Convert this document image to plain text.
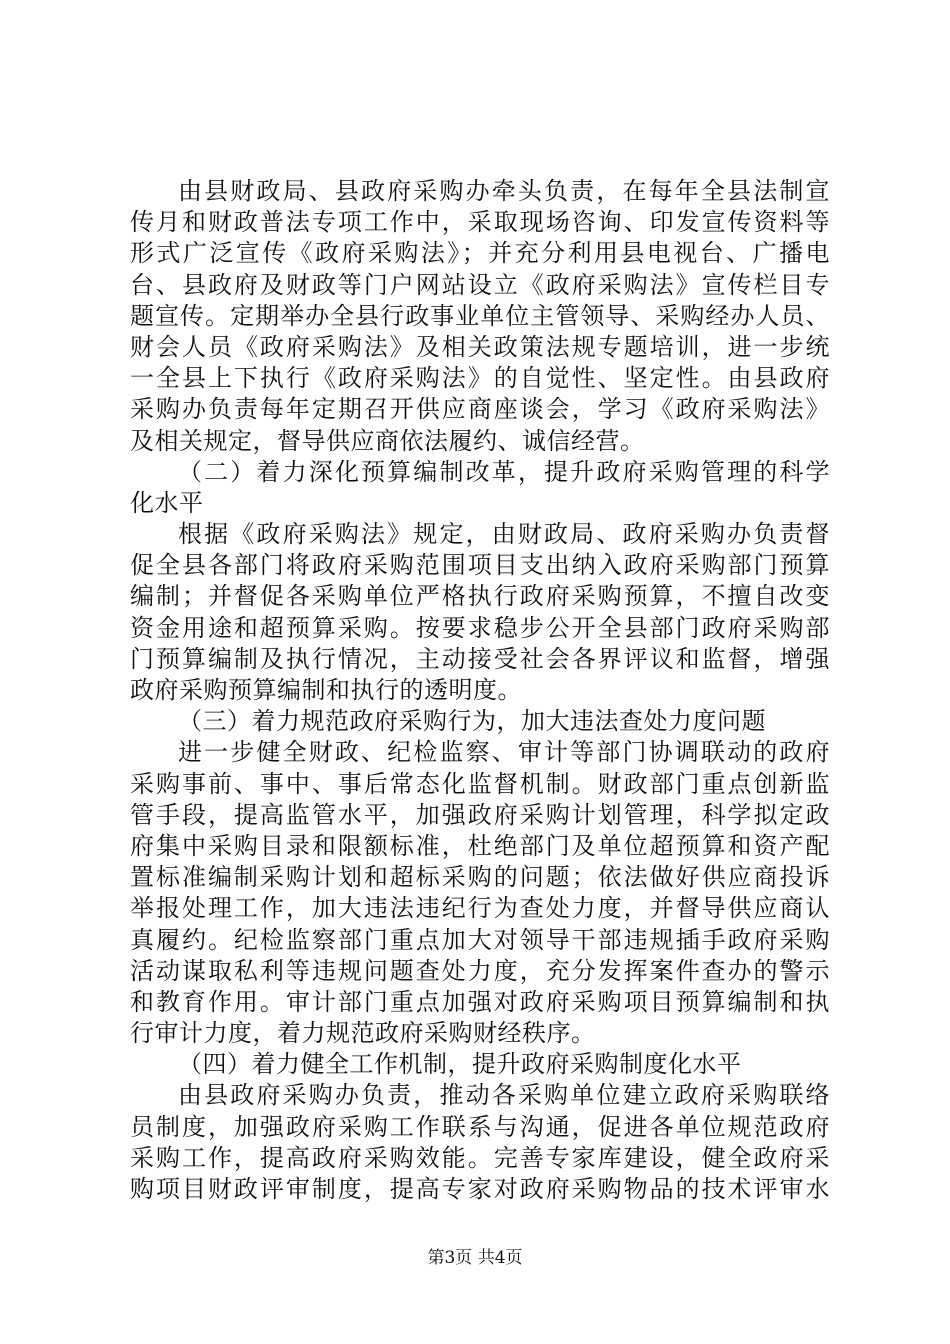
由县财政局、县政府采购办牵头负责，在每年全县法制宣
传月和财政普法专项工作中，采取现场咨询、印发宣传资料等
形式广泛宣传《政府采购法》；并充分利用县电视台、广播电
台、县政府及财政等门户网站设立《政府采购法》宣传栏目专
题宣传。定期举办全县行政事业单位主管领导、采购经办人员、
财会人员《政府采购法》及相关政策法规专题培训，进一步统
一全县上下执行《政府采购法》的自觉性、坚定性。由县政府
采购办负责每年定期召开供应商座谈会，学习《政府采购法》
及相关规定，督导供应商依法履约、诚信经营。
（二）着力深化预算编制改革，提升政府采购管理的科学
化水平
根据《政府采购法》规定，由财政局、政府采购办负责督
促全县各部门将政府采购范围项目支出纳入政府采购部门预算
编制；并督促各采购单位严格执行政府采购预算，不擅自改变
资金用途和超预算采购。按要求稳步公开全县部门政府采购部
门预算编制及执行情况，主动接受社会各界评议和监督，增强
政府采购预算编制和执行的透明度。
（三）着力规范政府采购行为，加大违法查处力度问题
进一步健全财政、纪检监察、审计等部门协调联动的政府
采购事前、事中、事后常态化监督机制。财政部门重点创新监
管手段，提高监管水平，加强政府采购计划管理，科学拟定政
府集中采购目录和限额标准，杜绝部门及单位超预算和资产配
置标准编制采购计划和超标采购的问题；依法做好供应商投诉
举报处理工作，加大违法违纪行为查处力度，并督导供应商认
真履约。纪检监察部门重点加大对领导干部违规插手政府采购
活动谋取私利等违规问题查处力度，充分发挥案件查办的警示
和教育作用。审计部门重点加强对政府采购项目预算编制和执
行审计力度，着力规范政府采购财经秩序。
（四）着力健全工作机制，提升政府采购制度化水平
由县政府采购办负责，推动各采购单位建立政府采购联络
员制度，加强政府采购工作联系与沟通，促进各单位规范政府
采购工作，提高政府采购效能。完善专家库建设，健全政府采
购项目财政评审制度，提高专家对政府采购物品的技术评审水
第3页 共4页
